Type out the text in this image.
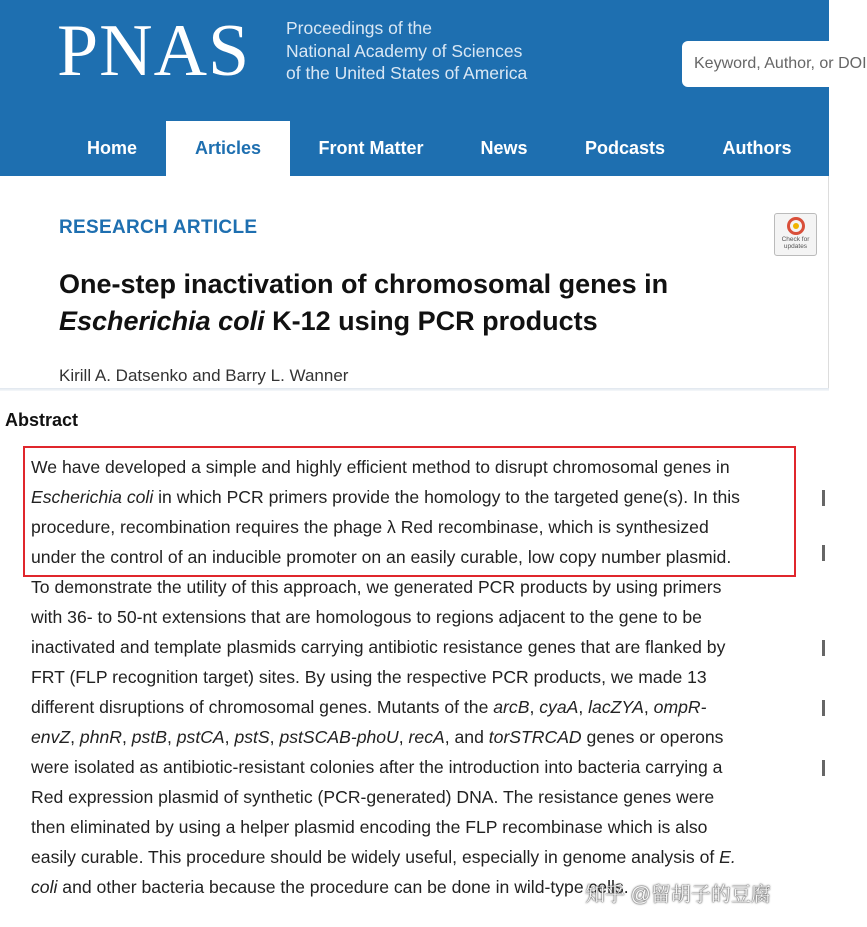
PNAS Proceedings of the
National Academy of Sciences
of the United States of America	Keyword, Author, or DOI
Home	Articles	Front Matter	News	Podcasts	Authors
RESEARCH ARTICLE
One-step inactivation of chromosomal genes in
Escherichia coli K-12 using PCR products
Kirill A. Datsenko and Barry L. Wanner
Check for
updates
Abstract
We have developed a simple and highly efficient method to disrupt chromosomal genes in
Escherichia coli in which PCR primers provide the homology to the targeted gene(s). In this
procedure, recombination requires the phage λ Red recombinase, which is synthesized
under the control of an inducible promoter on an easily curable, low copy number plasmid.
To demonstrate the utility of this approach, we generated PCR products by using primers
with 36- to 50-nt extensions that are homologous to regions adjacent to the gene to be
inactivated and template plasmids carrying antibiotic resistance genes that are flanked by
FRT (FLP recognition target) sites. By using the respective PCR products, we made 13
different disruptions of chromosomal genes. Mutants of the arcB, cyaA, lacZYA, ompR-
envZ, phnR, pstB, pstCA, pstS, pstSCAB-phoU, recA, and torSTRCAD genes or operons
were isolated as antibiotic-resistant colonies after the introduction into bacteria carrying a
Red expression plasmid of synthetic (PCR-generated) DNA. The resistance genes were
then eliminated by using a helper plasmid encoding the FLP recombinase which is also
easily curable. This procedure should be widely useful, especially in genome analysis of E.
coli and other bacteria because the procedure can be done in wild-type cells.
知乎 @留胡子的豆腐
